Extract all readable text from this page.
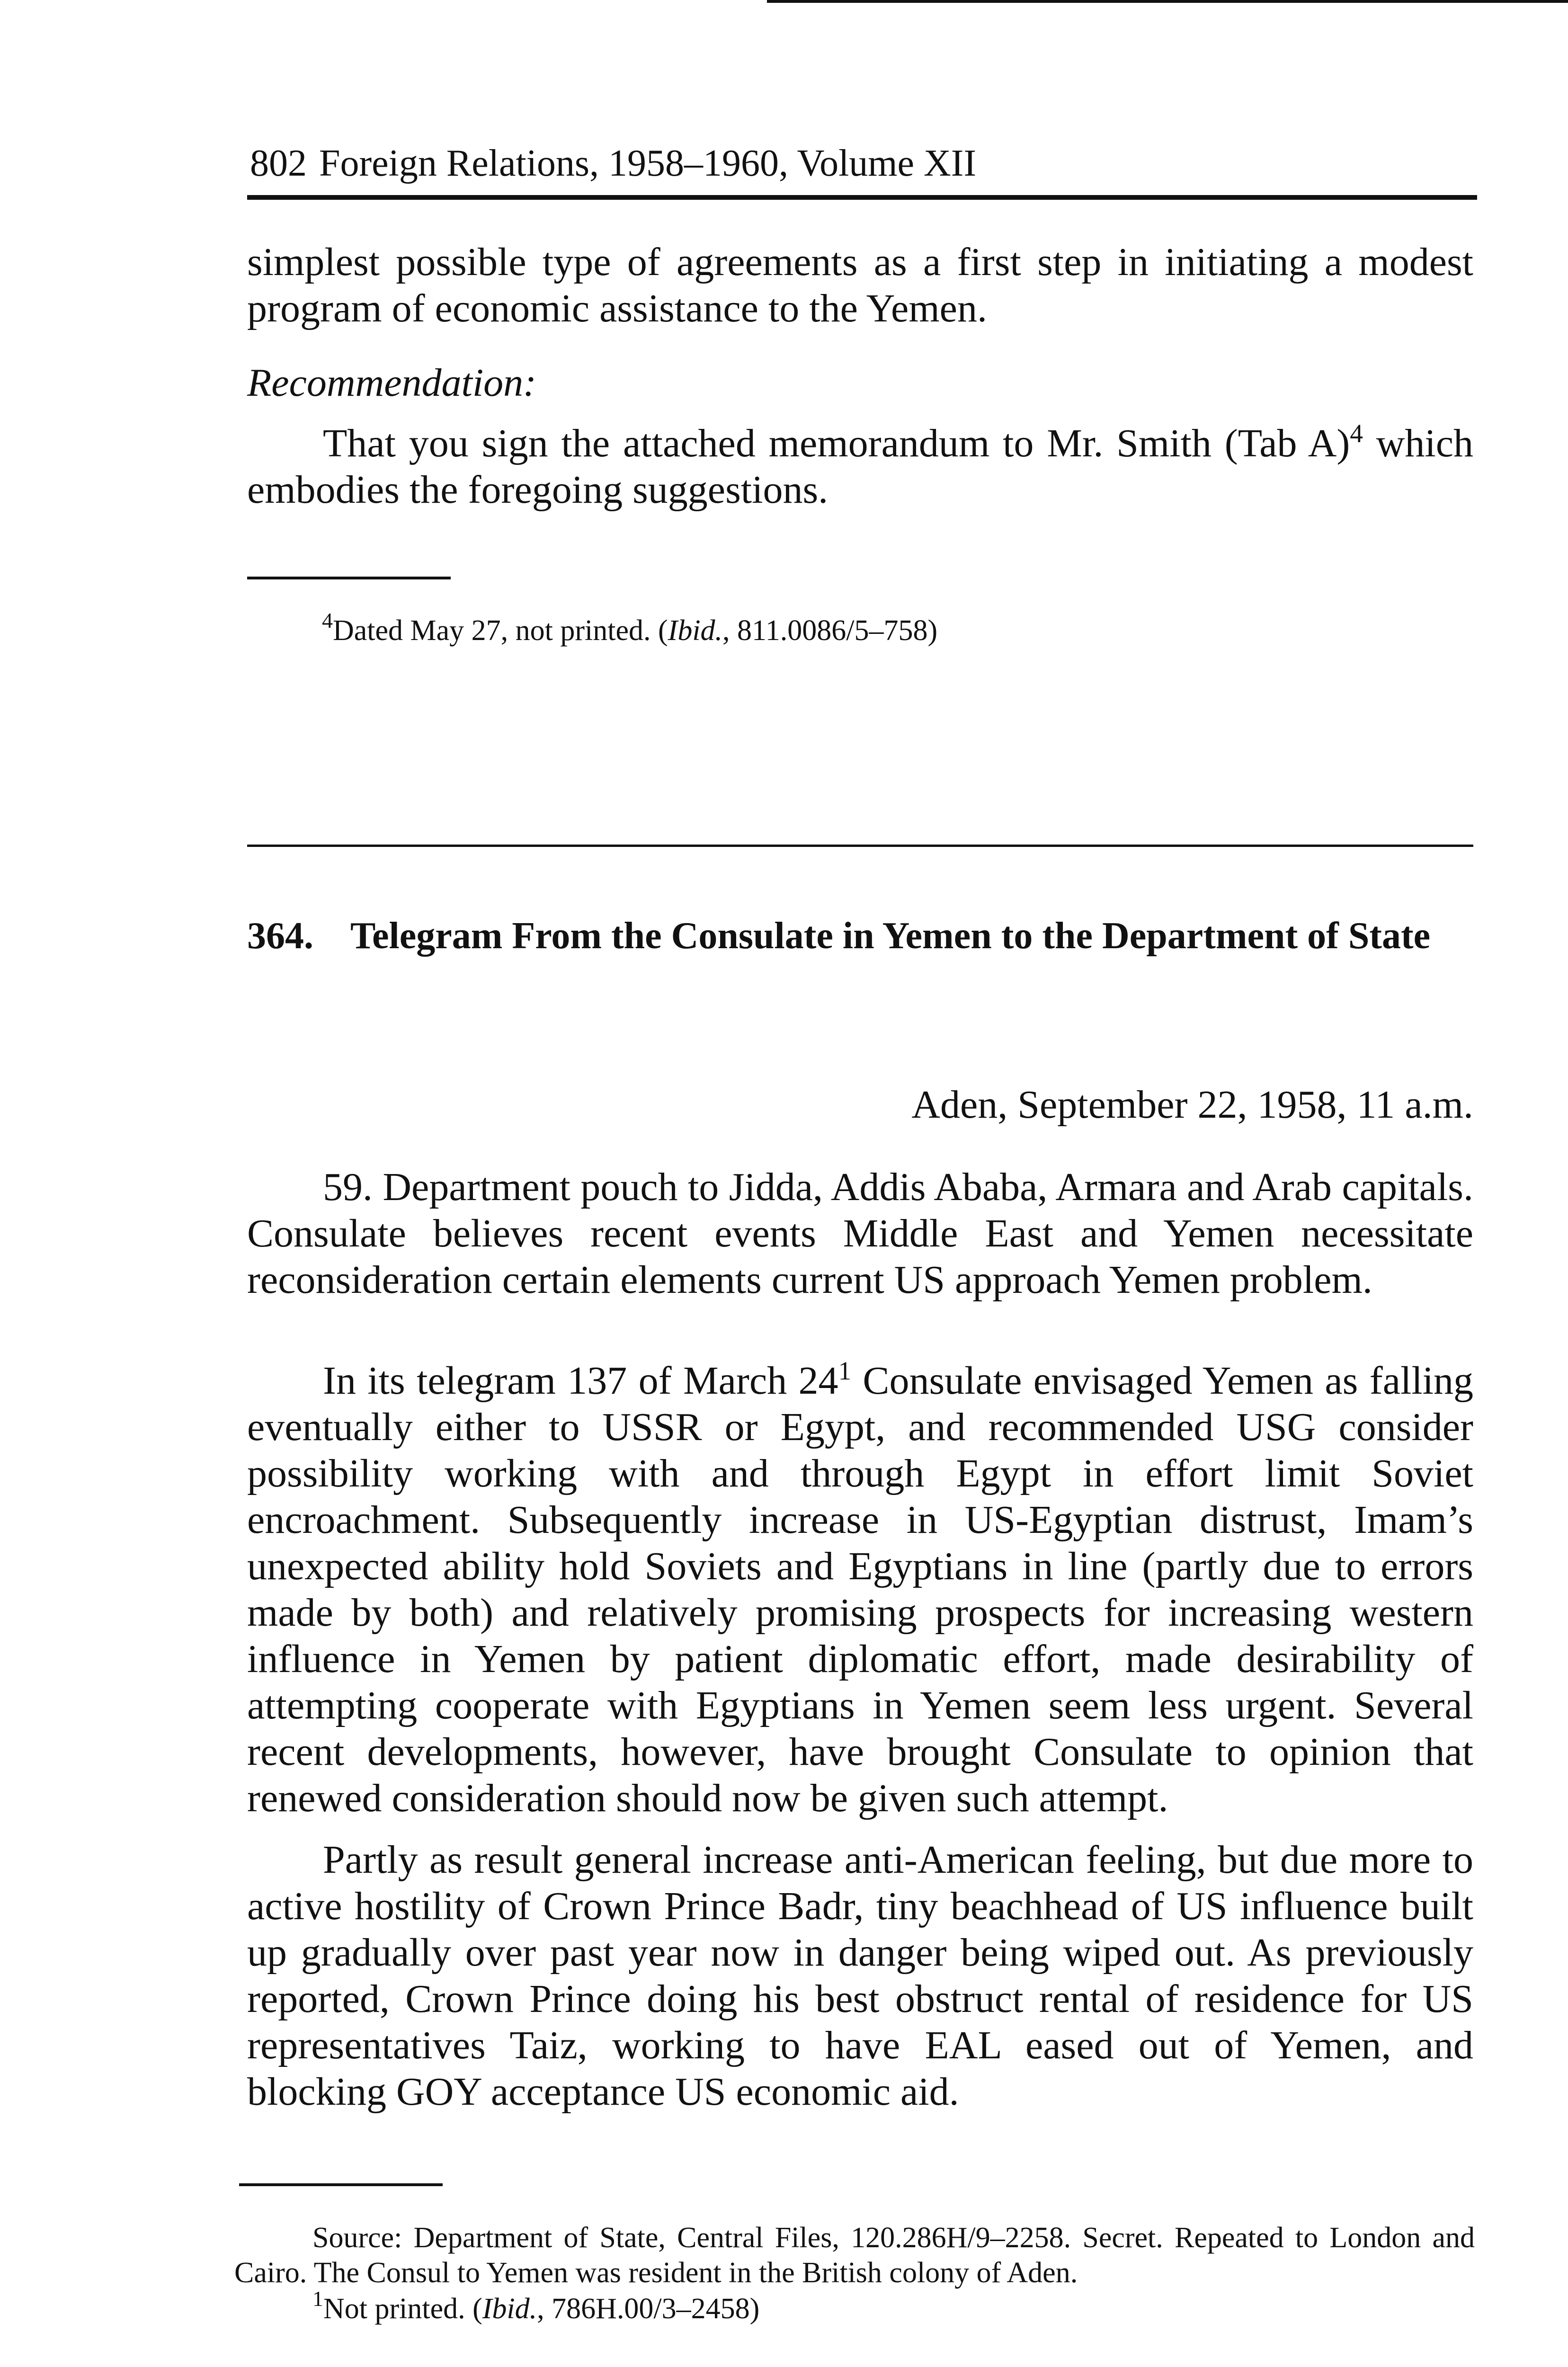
802 Foreign Relations, 1958–1960, Volume XII

simplest possible type of agreements as a first step in initiating a modest program of economic assistance to the Yemen.

Recommendation:

That you sign the attached memorandum to Mr. Smith (Tab A)$^4$ which embodies the foregoing suggestions.

$^4$Dated May 27, not printed. (Ibid., 811.0086/5–758)

364. Telegram From the Consulate in Yemen to the Department of State

Aden, September 22, 1958, 11 a.m.

59. Department pouch to Jidda, Addis Ababa, Armara and Arab capitals. Consulate believes recent events Middle East and Yemen necessitate reconsideration certain elements current US approach Yemen problem.

In its telegram 137 of March $24^1$ Consulate envisaged Yemen as falling eventually either to USSR or Egypt, and recommended USG consider possibility working with and through Egypt in effort limit Soviet encroachment. Subsequently increase in US-Egyptian distrust, Imam’s unexpected ability hold Soviets and Egyptians in line (partly due to errors made by both) and relatively promising prospects for increasing western influence in Yemen by patient diplomatic effort, made desirability of attempting cooperate with Egyptians in Yemen seem less urgent. Several recent developments, however, have brought Consulate to opinion that renewed consideration should now be given such attempt.

Partly as result general increase anti-American feeling, but due more to active hostility of Crown Prince Badr, tiny beachhead of US influence built up gradually over past year now in danger being wiped out. As previously reported, Crown Prince doing his best obstruct rental of residence for US representatives Taiz, working to have EAL eased out of Yemen, and blocking GOY acceptance US economic aid.

Source: Department of State, Central Files, 120.286H/9–2258. Secret. Repeated to London and Cairo. The Consul to Yemen was resident in the British colony of Aden.

$^1$Not printed. (Ibid., 786H.00/3–2458)
